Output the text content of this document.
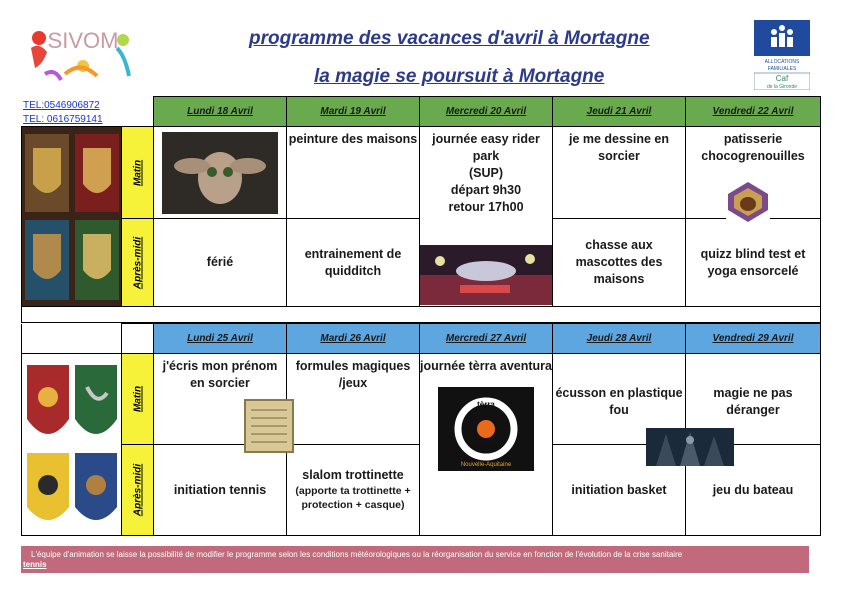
SIVOM	programme des vacances d'avril à Mortagne
la magie se poursuit à Mortagne
ALLOCATIONS
FAMILIALES
Caf
de la Gironde
TEL:0546906872
TEL: 0616759141
		Lundi 18 Avril	Mardi 19 Avril	Mercredi 20 Avril	Jeudi 21 Avril	Vendredi 22 Avril

Matin		peinture des maisons	journée easy rider
park
(SUP)
départ 9h30
retour 17h00	je me dessine en sorcier	patisserie chocogrenouilles

	Après-midi	férié	entrainement de quidditch		chasse aux mascottes des maisons	quizz blind test et yoga ensorcelé

		Lundi 25 Avril	Mardi 26 Avril	Mercredi 27 Avril	Jeudi 28 Avril	Vendredi 29 Avril

Matin	j'écris mon prénom en sorcier	formules magiques /jeux	journée tèrra aventura
tèrra
aventura
Nouvelle-Aquitaine	écusson en plastique fou	magie ne pas déranger

	Après-midi	initiation tennis	slalom trottinette
(apporte ta trottinette + protection + casque)		initiation basket	jeu du bateau
L'équipe d'animation se laisse la possibilité de modifier le programme selon les conditions météorologiques ou la réorganisation du service en fonction de l'évolution de la crise sanitaire
tennis
